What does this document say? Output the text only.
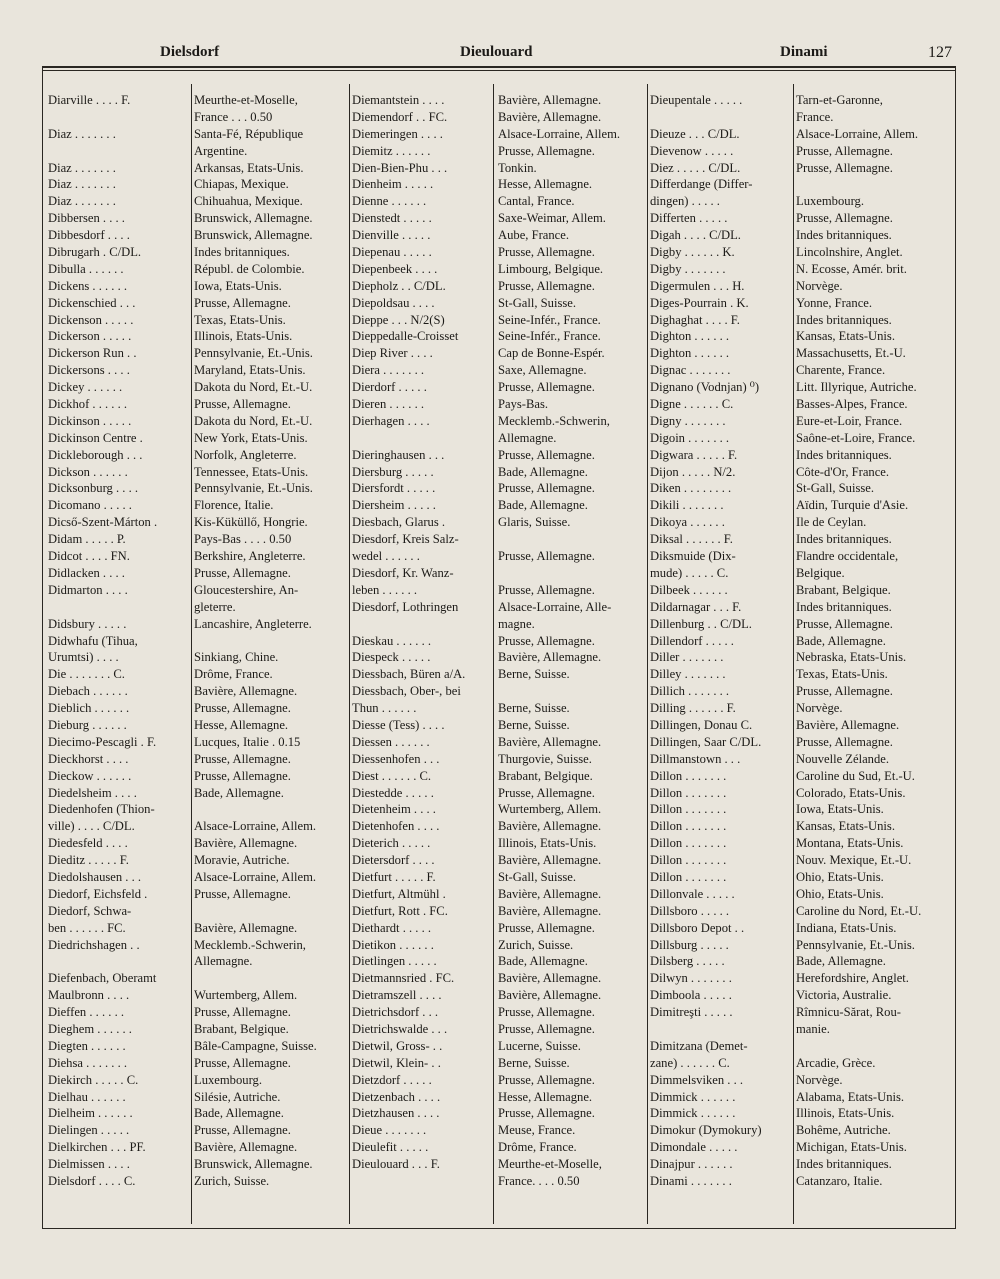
Dielsdorf	Dieulouard	Dinami	127
Diarville . . . . F.	Meurthe-et-Moselle,
France . . . 0.50
Diaz . . . . . . .	Santa-Fé, République
Argentine.
Diaz . . . . . . .	Arkansas, Etats-Unis.
Diaz . . . . . . .	Chiapas, Mexique.
Diaz . . . . . . .	Chihuahua, Mexique.
Dibbersen . . . .	Brunswick, Allemagne.
Dibbesdorf . . . .	Brunswick, Allemagne.
Dibrugarh . C/DL.	Indes britanniques.
Dibulla . . . . . .	Républ. de Colombie.
Dickens . . . . . .	Iowa, Etats-Unis.
Dickenschied . . .	Prusse, Allemagne.
Dickenson . . . . .	Texas, Etats-Unis.
Dickerson . . . . .	Illinois, Etats-Unis.
Dickerson Run . .	Pennsylvanie, Et.-Unis.
Dickersons . . . .	Maryland, Etats-Unis.
Dickey . . . . . .	Dakota du Nord, Et.-U.
Dickhof . . . . . .	Prusse, Allemagne.
Dickinson . . . . .	Dakota du Nord, Et.-U.
Dickinson Centre .	New York, Etats-Unis.
Dickleborough . . .	Norfolk, Angleterre.
Dickson . . . . . .	Tennessee, Etats-Unis.
Dicksonburg . . . .	Pennsylvanie, Et.-Unis.
Dicomano . . . . .	Florence, Italie.
Dicső-Szent-Márton .	Kis-Küküllő, Hongrie.
Didam . . . . . P.	Pays-Bas . . . . 0.50
Didcot . . . . FN.	Berkshire, Angleterre.
Didlacken . . . .	Prusse, Allemagne.
Didmarton . . . .	Gloucestershire, An-
gleterre.
Didsbury . . . . .	Lancashire, Angleterre.
Didwhafu (Tihua,
Urumtsi) . . . .	Sinkiang, Chine.
Die . . . . . . . C.	Drôme, France.
Diebach . . . . . .	Bavière, Allemagne.
Dieblich . . . . . .	Prusse, Allemagne.
Dieburg . . . . . .	Hesse, Allemagne.
Diecimo-Pescagli . F.	Lucques, Italie . 0.15
Dieckhorst . . . .	Prusse, Allemagne.
Dieckow . . . . . .	Prusse, Allemagne.
Diedelsheim . . . .	Bade, Allemagne.
Diedenhofen (Thion-
ville) . . . . C/DL.	Alsace-Lorraine, Allem.
Diedesfeld . . . .	Bavière, Allemagne.
Dieditz . . . . . F.	Moravie, Autriche.
Diedolshausen . . .	Alsace-Lorraine, Allem.
Diedorf, Eichsfeld .	Prusse, Allemagne.
Diedorf, Schwa-
ben . . . . . . FC.	Bavière, Allemagne.
Diedrichshagen . .	Mecklemb.-Schwerin,
Allemagne.
Diefenbach, Oberamt
Maulbronn . . . .	Wurtemberg, Allem.
Dieffen . . . . . .	Prusse, Allemagne.
Dieghem . . . . . .	Brabant, Belgique.
Diegten . . . . . .	Bâle-Campagne, Suisse.
Diehsa . . . . . . .	Prusse, Allemagne.
Diekirch . . . . . C.	Luxembourg.
Dielhau . . . . . .	Silésie, Autriche.
Dielheim . . . . . .	Bade, Allemagne.
Dielingen . . . . .	Prusse, Allemagne.
Dielkirchen . . . PF.	Bavière, Allemagne.
Dielmissen . . . .	Brunswick, Allemagne.
Dielsdorf . . . . C.	Zurich, Suisse.
Diemantstein . . . .	Bavière, Allemagne.
Diemendorf . . FC.	Bavière, Allemagne.
Diemeringen . . . .	Alsace-Lorraine, Allem.
Diemitz . . . . . .	Prusse, Allemagne.
Dien-Bien-Phu . . .	Tonkin.
Dienheim . . . . .	Hesse, Allemagne.
Dienne . . . . . .	Cantal, France.
Dienstedt . . . . .	Saxe-Weimar, Allem.
Dienville . . . . .	Aube, France.
Diepenau . . . . .	Prusse, Allemagne.
Diepenbeek . . . .	Limbourg, Belgique.
Diepholz . . C/DL.	Prusse, Allemagne.
Diepoldsau . . . .	St-Gall, Suisse.
Dieppe . . . N/2(S)	Seine-Infér., France.
Dieppedalle-Croisset	Seine-Infér., France.
Diep River . . . .	Cap de Bonne-Espér.
Diera . . . . . . .	Saxe, Allemagne.
Dierdorf . . . . .	Prusse, Allemagne.
Dieren . . . . . .	Pays-Bas.
Dierhagen . . . .	Mecklemb.-Schwerin,
Allemagne.
Dieringhausen . . .	Prusse, Allemagne.
Diersburg . . . . .	Bade, Allemagne.
Diersfordt . . . . .	Prusse, Allemagne.
Diersheim . . . . .	Bade, Allemagne.
Diesbach, Glarus .	Glaris, Suisse.
Diesdorf, Kreis Salz-
wedel . . . . . .	Prusse, Allemagne.
Diesdorf, Kr. Wanz-
leben . . . . . .	Prusse, Allemagne.
Diesdorf, Lothringen	Alsace-Lorraine, Alle-
magne.
Dieskau . . . . . .	Prusse, Allemagne.
Diespeck . . . . .	Bavière, Allemagne.
Diessbach, Büren a/A.	Berne, Suisse.
Diessbach, Ober-, bei
Thun . . . . . .	Berne, Suisse.
Diesse (Tess) . . . .	Berne, Suisse.
Diessen . . . . . .	Bavière, Allemagne.
Diessenhofen . . .	Thurgovie, Suisse.
Diest . . . . . . C.	Brabant, Belgique.
Diestedde . . . . .	Prusse, Allemagne.
Dietenheim . . . .	Wurtemberg, Allem.
Dietenhofen . . . .	Bavière, Allemagne.
Dieterich . . . . .	Illinois, Etats-Unis.
Dietersdorf . . . .	Bavière, Allemagne.
Dietfurt . . . . . F.	St-Gall, Suisse.
Dietfurt, Altmühl .	Bavière, Allemagne.
Dietfurt, Rott . FC.	Bavière, Allemagne.
Diethardt . . . . .	Prusse, Allemagne.
Dietikon . . . . . .	Zurich, Suisse.
Dietlingen . . . . .	Bade, Allemagne.
Dietmannsried . FC.	Bavière, Allemagne.
Dietramszell . . . .	Bavière, Allemagne.
Dietrichsdorf . . .	Prusse, Allemagne.
Dietrichswalde . . .	Prusse, Allemagne.
Dietwil, Gross- . .	Lucerne, Suisse.
Dietwil, Klein- . .	Berne, Suisse.
Dietzdorf . . . . .	Prusse, Allemagne.
Dietzenbach . . . .	Hesse, Allemagne.
Dietzhausen . . . .	Prusse, Allemagne.
Dieue . . . . . . .	Meuse, France.
Dieulefit . . . . .	Drôme, France.
Dieulouard . . . F.	Meurthe-et-Moselle,
France. . . . 0.50
Dieupentale . . . . .	Tarn-et-Garonne,
France.
Dieuze . . . C/DL.	Alsace-Lorraine, Allem.
Dievenow . . . . .	Prusse, Allemagne.
Diez . . . . . C/DL.	Prusse, Allemagne.
Differdange (Differ-
dingen) . . . . .	Luxembourg.
Differten . . . . .	Prusse, Allemagne.
Digah . . . . C/DL.	Indes britanniques.
Digby . . . . . . K.	Lincolnshire, Anglet.
Digby . . . . . . .	N. Ecosse, Amér. brit.
Digermulen . . . H.	Norvège.
Diges-Pourrain . K.	Yonne, France.
Dighaghat . . . . F.	Indes britanniques.
Dighton . . . . . .	Kansas, Etats-Unis.
Dighton . . . . . .	Massachusetts, Et.-U.
Dignac . . . . . . .	Charente, France.
Dignano (Vodnjan) ⁰)	Litt. Illyrique, Autriche.
Digne . . . . . . C.	Basses-Alpes, France.
Digny . . . . . . .	Eure-et-Loir, France.
Digoin . . . . . . .	Saône-et-Loire, France.
Digwara . . . . . F.	Indes britanniques.
Dijon . . . . . N/2.	Côte-d'Or, France.
Diken . . . . . . . .	St-Gall, Suisse.
Dikili . . . . . . .	Aïdin, Turquie d'Asie.
Dikoya . . . . . .	Ile de Ceylan.
Diksal . . . . . . F.	Indes britanniques.
Diksmuide (Dix-	Flandre occidentale,
mude) . . . . . C.	Belgique.
Dilbeek . . . . . .	Brabant, Belgique.
Dildarnagar . . . F.	Indes britanniques.
Dillenburg . . C/DL.	Prusse, Allemagne.
Dillendorf . . . . .	Bade, Allemagne.
Diller . . . . . . .	Nebraska, Etats-Unis.
Dilley . . . . . . .	Texas, Etats-Unis.
Dillich . . . . . . .	Prusse, Allemagne.
Dilling . . . . . . F.	Norvège.
Dillingen, Donau C.	Bavière, Allemagne.
Dillingen, Saar C/DL.	Prusse, Allemagne.
Dillmanstown . . .	Nouvelle Zélande.
Dillon . . . . . . .	Caroline du Sud, Et.-U.
Dillon . . . . . . .	Colorado, Etats-Unis.
Dillon . . . . . . .	Iowa, Etats-Unis.
Dillon . . . . . . .	Kansas, Etats-Unis.
Dillon . . . . . . .	Montana, Etats-Unis.
Dillon . . . . . . .	Nouv. Mexique, Et.-U.
Dillon . . . . . . .	Ohio, Etats-Unis.
Dillonvale . . . . .	Ohio, Etats-Unis.
Dillsboro . . . . .	Caroline du Nord, Et.-U.
Dillsboro Depot . .	Indiana, Etats-Unis.
Dillsburg . . . . .	Pennsylvanie, Et.-Unis.
Dilsberg . . . . .	Bade, Allemagne.
Dilwyn . . . . . . .	Herefordshire, Anglet.
Dimboola . . . . .	Victoria, Australie.
Dimitreşti . . . . .	Rîmnicu-Sărat, Rou-
manie.
Dimitzana (Demet-
zane) . . . . . . C.	Arcadie, Grèce.
Dimmelsviken . . .	Norvège.
Dimmick . . . . . .	Alabama, Etats-Unis.
Dimmick . . . . . .	Illinois, Etats-Unis.
Dimokur (Dymokury)	Bohême, Autriche.
Dimondale . . . . .	Michigan, Etats-Unis.
Dinajpur . . . . . .	Indes britanniques.
Dinami . . . . . . .	Catanzaro, Italie.
